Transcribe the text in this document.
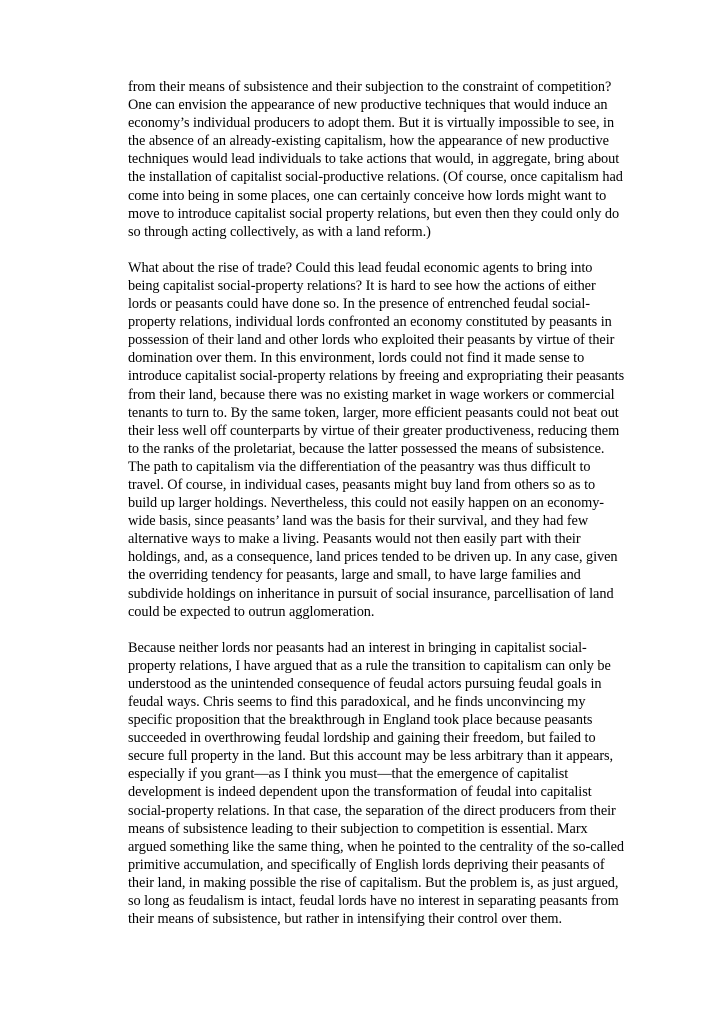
from their means of subsistence and their subjection to the constraint of competition? One can envision the appearance of new productive techniques that would induce an economy’s individual producers to adopt them. But it is virtually impossible to see, in the absence of an already-existing capitalism, how the appearance of new productive techniques would lead individuals to take actions that would, in aggregate, bring about the installation of capitalist social-productive relations. (Of course, once capitalism had come into being in some places, one can certainly conceive how lords might want to move to introduce capitalist social property relations, but even then they could only do so through acting collectively, as with a land reform.)

What about the rise of trade? Could this lead feudal economic agents to bring into being capitalist social-property relations? It is hard to see how the actions of either lords or peasants could have done so. In the presence of entrenched feudal social-property relations, individual lords confronted an economy constituted by peasants in possession of their land and other lords who exploited their peasants by virtue of their domination over them. In this environment, lords could not find it made sense to introduce capitalist social-property relations by freeing and expropriating their peasants from their land, because there was no existing market in wage workers or commercial tenants to turn to. By the same token, larger, more efficient peasants could not beat out their less well off counterparts by virtue of their greater productiveness, reducing them to the ranks of the proletariat, because the latter possessed the means of subsistence. The path to capitalism via the differentiation of the peasantry was thus difficult to travel. Of course, in individual cases, peasants might buy land from others so as to build up larger holdings. Nevertheless, this could not easily happen on an economy-wide basis, since peasants’ land was the basis for their survival, and they had few alternative ways to make a living. Peasants would not then easily part with their holdings, and, as a consequence, land prices tended to be driven up. In any case, given the overriding tendency for peasants, large and small, to have large families and subdivide holdings on inheritance in pursuit of social insurance, parcellisation of land could be expected to outrun agglomeration.

Because neither lords nor peasants had an interest in bringing in capitalist social-property relations, I have argued that as a rule the transition to capitalism can only be understood as the unintended consequence of feudal actors pursuing feudal goals in feudal ways. Chris seems to find this paradoxical, and he finds unconvincing my specific proposition that the breakthrough in England took place because peasants succeeded in overthrowing feudal lordship and gaining their freedom, but failed to secure full property in the land. But this account may be less arbitrary than it appears, especially if you grant—as I think you must—that the emergence of capitalist development is indeed dependent upon the transformation of feudal into capitalist social-property relations. In that case, the separation of the direct producers from their means of subsistence leading to their subjection to competition is essential. Marx argued something like the same thing, when he pointed to the centrality of the so-called primitive accumulation, and specifically of English lords depriving their peasants of their land, in making possible the rise of capitalism. But the problem is, as just argued, so long as feudalism is intact, feudal lords have no interest in separating peasants from their means of subsistence, but rather in intensifying their control over them.
